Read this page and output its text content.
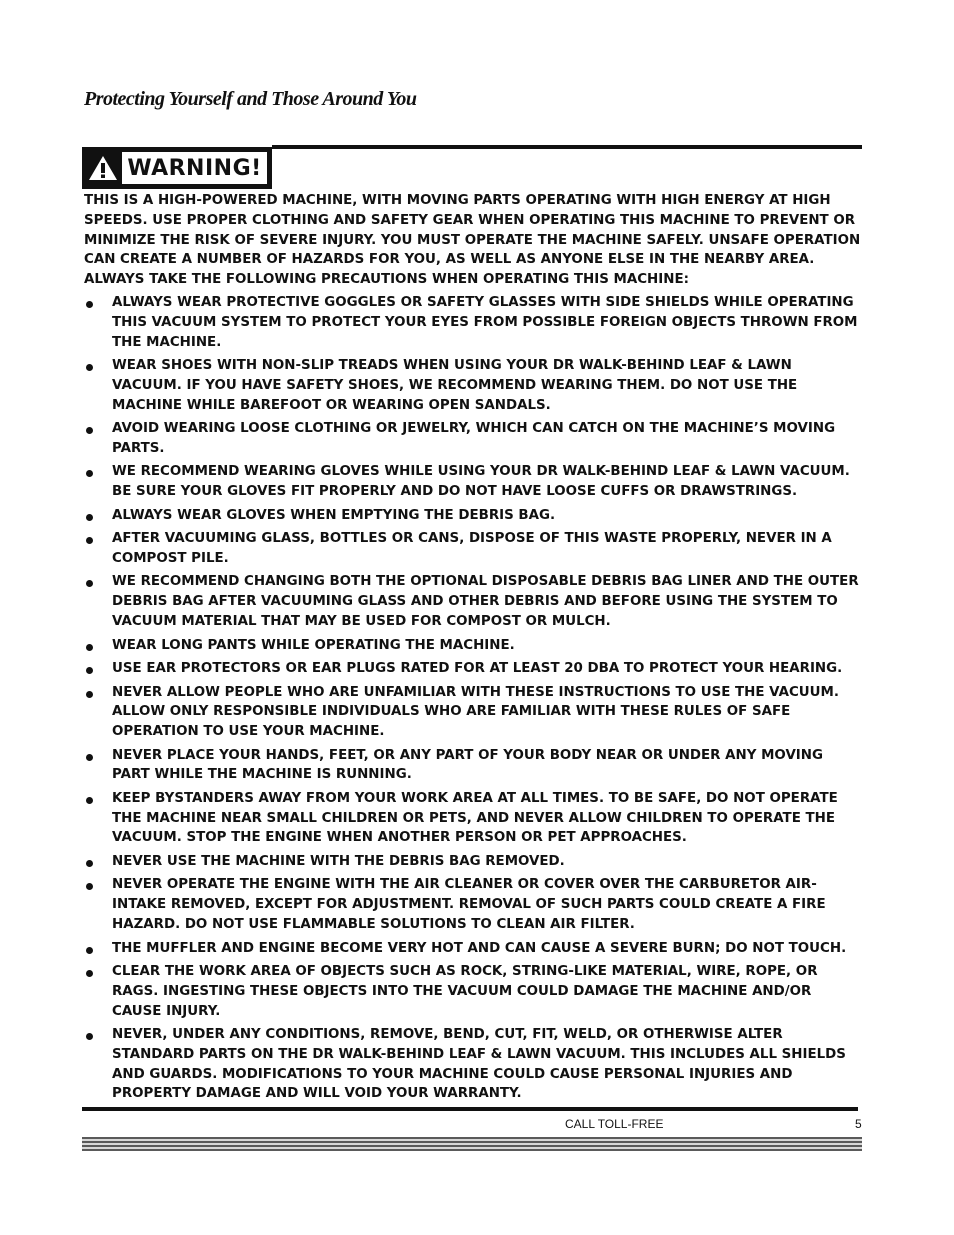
Protecting Yourself and Those Around You
WARNING!

THIS IS A HIGH-POWERED MACHINE, WITH MOVING PARTS OPERATING WITH HIGH ENERGY AT HIGH SPEEDS. USE PROPER CLOTHING AND SAFETY GEAR WHEN OPERATING THIS MACHINE TO PREVENT OR MINIMIZE THE RISK OF SEVERE INJURY. YOU MUST OPERATE THE MACHINE SAFELY. UNSAFE OPERATION CAN CREATE A NUMBER OF HAZARDS FOR YOU, AS WELL AS ANYONE ELSE IN THE NEARBY AREA. ALWAYS TAKE THE FOLLOWING PRECAUTIONS WHEN OPERATING THIS MACHINE:

ALWAYS WEAR PROTECTIVE GOGGLES OR SAFETY GLASSES WITH SIDE SHIELDS WHILE OPERATING THIS VACUUM SYSTEM TO PROTECT YOUR EYES FROM POSSIBLE FOREIGN OBJECTS THROWN FROM THE MACHINE.
WEAR SHOES WITH NON-SLIP TREADS WHEN USING YOUR DR WALK-BEHIND LEAF & LAWN VACUUM. IF YOU HAVE SAFETY SHOES, WE RECOMMEND WEARING THEM. DO NOT USE THE MACHINE WHILE BAREFOOT OR WEARING OPEN SANDALS.
AVOID WEARING LOOSE CLOTHING OR JEWELRY, WHICH CAN CATCH ON THE MACHINE’S MOVING PARTS.
WE RECOMMEND WEARING GLOVES WHILE USING YOUR DR WALK-BEHIND LEAF & LAWN VACUUM. BE SURE YOUR GLOVES FIT PROPERLY AND DO NOT HAVE LOOSE CUFFS OR DRAWSTRINGS.
ALWAYS WEAR GLOVES WHEN EMPTYING THE DEBRIS BAG.
AFTER VACUUMING GLASS, BOTTLES OR CANS, DISPOSE OF THIS WASTE PROPERLY, NEVER IN A COMPOST PILE.
WE RECOMMEND CHANGING BOTH THE OPTIONAL DISPOSABLE DEBRIS BAG LINER AND THE OUTER DEBRIS BAG AFTER VACUUMING GLASS AND OTHER DEBRIS AND BEFORE USING THE SYSTEM TO VACUUM MATERIAL THAT MAY BE USED FOR COMPOST OR MULCH.
WEAR LONG PANTS WHILE OPERATING THE MACHINE.
USE EAR PROTECTORS OR EAR PLUGS RATED FOR AT LEAST 20 DBA TO PROTECT YOUR HEARING.
NEVER ALLOW PEOPLE WHO ARE UNFAMILIAR WITH THESE INSTRUCTIONS TO USE THE VACUUM. ALLOW ONLY RESPONSIBLE INDIVIDUALS WHO ARE FAMILIAR WITH THESE RULES OF SAFE OPERATION TO USE YOUR MACHINE.
NEVER PLACE YOUR HANDS, FEET, OR ANY PART OF YOUR BODY NEAR OR UNDER ANY MOVING PART WHILE THE MACHINE IS RUNNING.
KEEP BYSTANDERS AWAY FROM YOUR WORK AREA AT ALL TIMES. TO BE SAFE, DO NOT OPERATE THE MACHINE NEAR SMALL CHILDREN OR PETS, AND NEVER ALLOW CHILDREN TO OPERATE THE VACUUM. STOP THE ENGINE WHEN ANOTHER PERSON OR PET APPROACHES.
NEVER USE THE MACHINE WITH THE DEBRIS BAG REMOVED.
NEVER OPERATE THE ENGINE WITH THE AIR CLEANER OR COVER OVER THE CARBURETOR AIR-INTAKE REMOVED, EXCEPT FOR ADJUSTMENT. REMOVAL OF SUCH PARTS COULD CREATE A FIRE HAZARD. DO NOT USE FLAMMABLE SOLUTIONS TO CLEAN AIR FILTER.
THE MUFFLER AND ENGINE BECOME VERY HOT AND CAN CAUSE A SEVERE BURN; DO NOT TOUCH.
CLEAR THE WORK AREA OF OBJECTS SUCH AS ROCK, STRING-LIKE MATERIAL, WIRE, ROPE, OR RAGS. INGESTING THESE OBJECTS INTO THE VACUUM COULD DAMAGE THE MACHINE AND/OR CAUSE INJURY.
NEVER, UNDER ANY CONDITIONS, REMOVE, BEND, CUT, FIT, WELD, OR OTHERWISE ALTER STANDARD PARTS ON THE DR WALK-BEHIND LEAF & LAWN VACUUM. THIS INCLUDES ALL SHIELDS AND GUARDS. MODIFICATIONS TO YOUR MACHINE COULD CAUSE PERSONAL INJURIES AND PROPERTY DAMAGE AND WILL VOID YOUR WARRANTY.
CALL TOLL-FREE	5
